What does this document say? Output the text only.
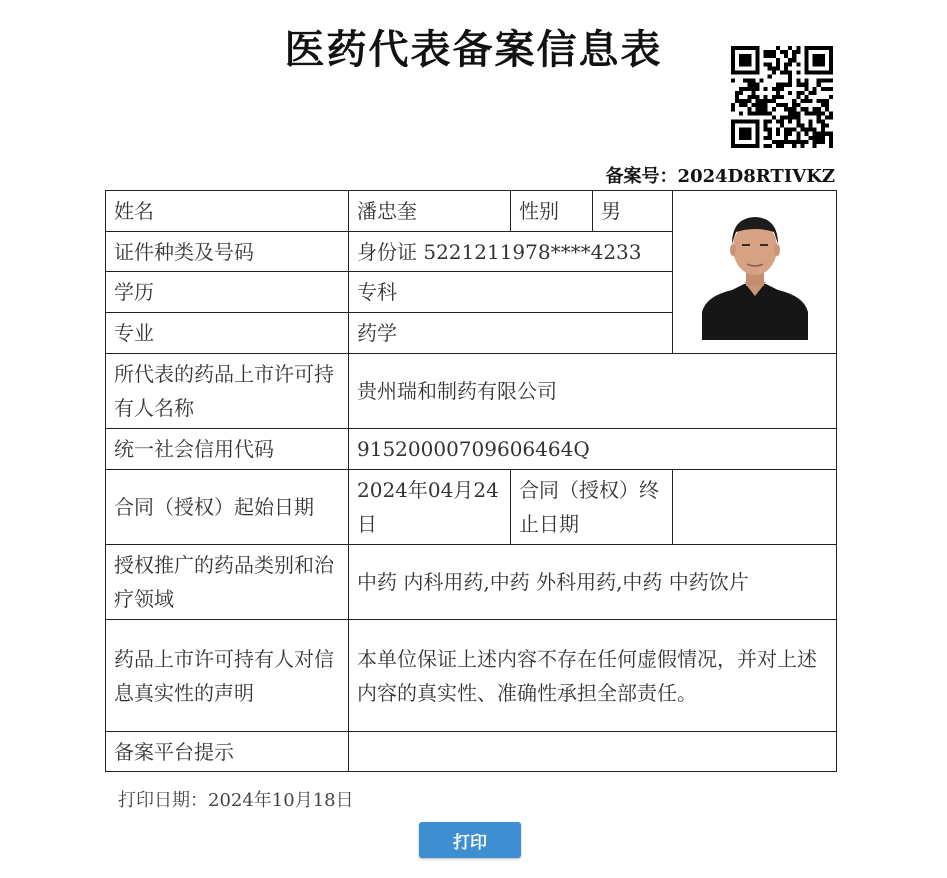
医药代表备案信息表
备案号：2024D8RTIVKZ
姓名	潘忠奎	性别	男	

证件种类及号码	身份证 5221211978****4233			
学历	专科			
专业	药学			
所代表的药品上市许可持有人名称	贵州瑞和制药有限公司			
统一社会信用代码	91520000709606464Q			
合同（授权）起始日期	2024年04月24日	合同（授权）终止日期		
授权推广的药品类别和治疗领域	中药 内科用药,中药 外科用药,中药 中药饮片			
药品上市许可持有人对信息真实性的声明	本单位保证上述内容不存在任何虚假情况，并对上述内容的真实性、准确性承担全部责任。			
备案平台提示				
打印日期：2024年10月18日
打印
